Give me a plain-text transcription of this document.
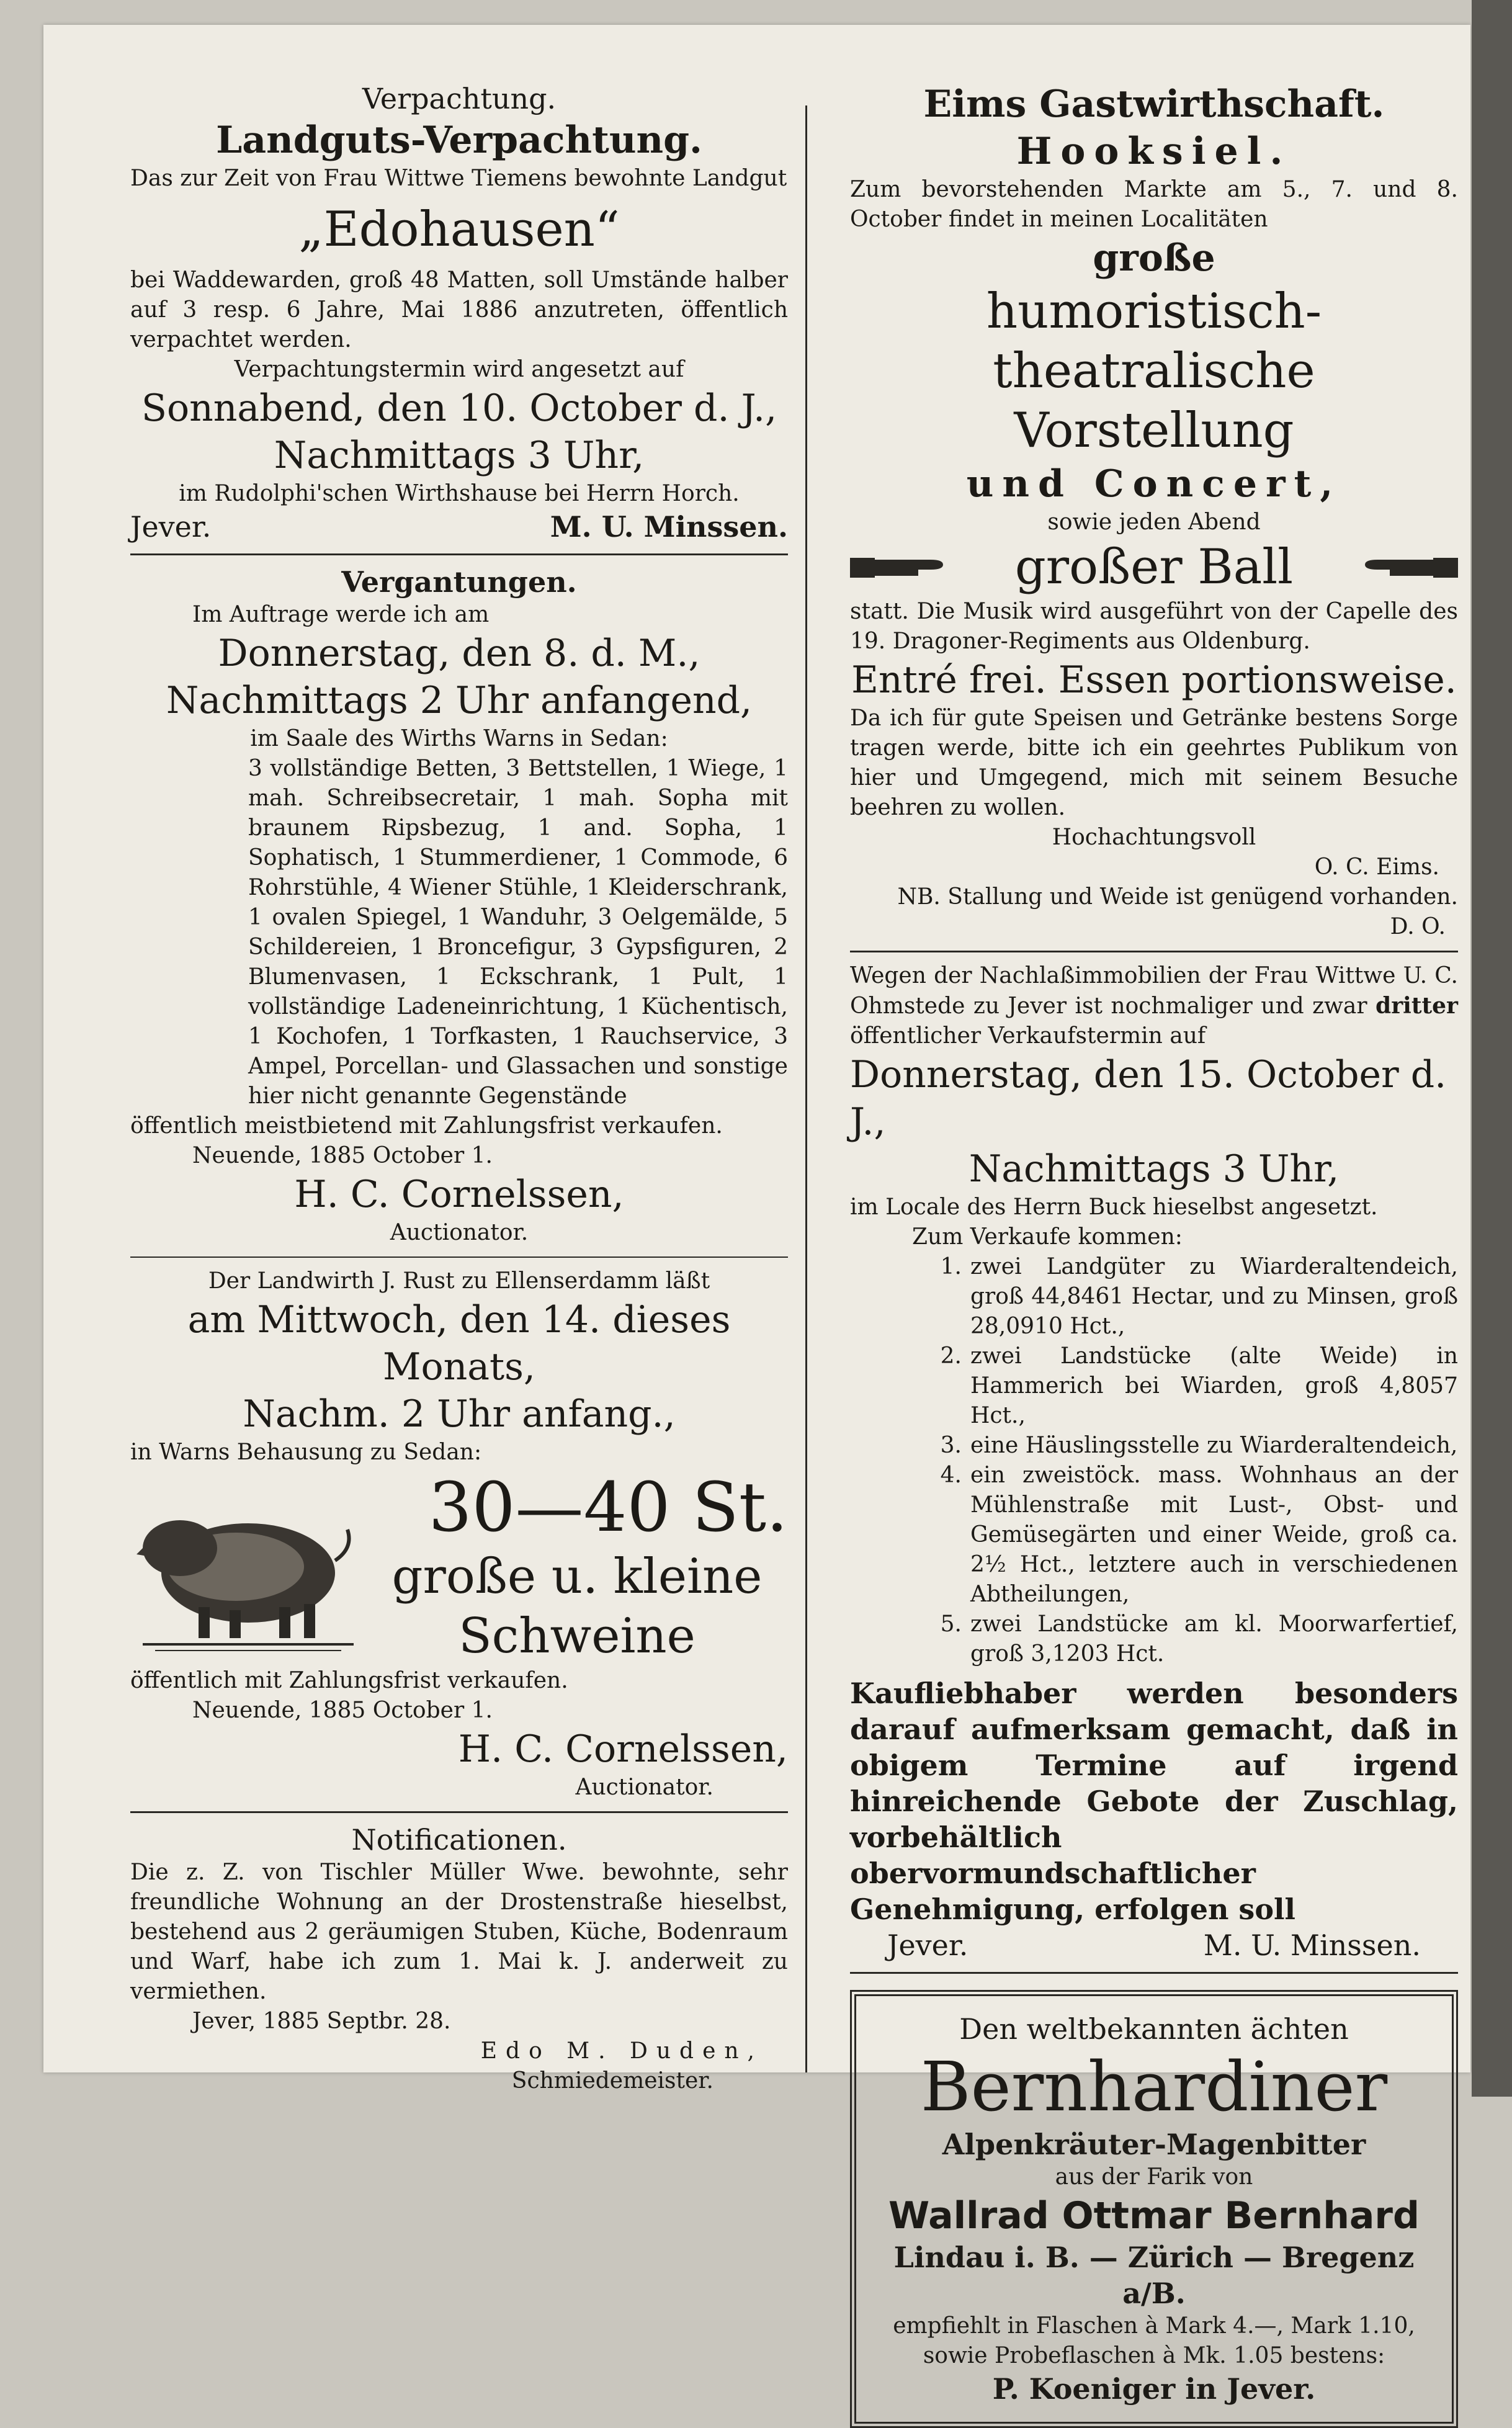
Verpachtung.

Landguts-Verpachtung.

Das zur Zeit von Frau Wittwe Tiemens bewohnte Landgut

„Edohausen“

bei Waddewarden, groß 48 Matten, soll Umstände halber auf 3 resp. 6 Jahre, Mai 1886 anzutreten, öffentlich verpachtet werden.

Verpachtungstermin wird angesetzt auf

Sonnabend, den 10. October d. J.,

Nachmittags 3 Uhr,

im Rudolphi'schen Wirthshause bei Herrn Horch.

Jever.	M. U. Minssen.

Vergantungen.

Im Auftrage werde ich am

Donnerstag, den 8. d. M.,

Nachmittags 2 Uhr anfangend,

im Saale des Wirths Warns in Sedan:

3 vollständige Betten, 3 Bettstellen, 1 Wiege, 1 mah. Schreibsecretair, 1 mah. Sopha mit braunem Ripsbezug, 1 and. Sopha, 1 Sophatisch, 1 Stummerdiener, 1 Commode, 6 Rohrstühle, 4 Wiener Stühle, 1 Kleiderschrank, 1 ovalen Spiegel, 1 Wanduhr, 3 Oelgemälde, 5 Schildereien, 1 Broncefigur, 3 Gypsfiguren, 2 Blumenvasen, 1 Eckschrank, 1 Pult, 1 vollständige Ladeneinrichtung, 1 Küchentisch, 1 Kochofen, 1 Torfkasten, 1 Rauchservice, 3 Ampel, Porcellan- und Glassachen und sonstige hier nicht genannte Gegenstände

öffentlich meistbietend mit Zahlungsfrist verkaufen.

Neuende, 1885 October 1.

H. C. Cornelssen,

Auctionator.

Der Landwirth J. Rust zu Ellenserdamm läßt

am Mittwoch, den 14. dieses Monats,

Nachm. 2 Uhr anfang.,

in Warns Behausung zu Sedan:

30—40 St.

große u. kleine

Schweine

öffentlich mit Zahlungsfrist verkaufen.

Neuende, 1885 October 1.

H. C. Cornelssen,

Auctionator.

Notificationen.

Die z. Z. von Tischler Müller Wwe. bewohnte, sehr freundliche Wohnung an der Drostenstraße hieselbst, bestehend aus 2 geräumigen Stuben, Küche, Bodenraum und Warf, habe ich zum 1. Mai k. J. anderweit zu vermiethen.

Jever, 1885 Septbr. 28.

Edo M. Duden,

Schmiedemeister.

Eims Gastwirthschaft.

Hooksiel.

Zum bevorstehenden Markte am 5., 7. und 8. October findet in meinen Localitäten

große

humoristisch-theatralische

Vorstellung

und Concert,

sowie jeden Abend

großer Ball

statt. Die Musik wird ausgeführt von der Capelle des 19. Dragoner-Regiments aus Oldenburg.

Entré frei. Essen portionsweise.

Da ich für gute Speisen und Getränke bestens Sorge tragen werde, bitte ich ein geehrtes Publikum von hier und Umgegend, mich mit seinem Besuche beehren zu wollen.

Hochachtungsvoll

O. C. Eims.

NB. Stallung und Weide ist genügend vorhanden.

D. O.

Wegen der Nachlaßimmobilien der Frau Wittwe U. C. Ohmstede zu Jever ist nochmaliger und zwar dritter öffentlicher Verkaufstermin auf

Donnerstag, den 15. October d. J.,

Nachmittags 3 Uhr,

im Locale des Herrn Buck hieselbst angesetzt.

Zum Verkaufe kommen:

1. zwei Landgüter zu Wiarderaltendeich, groß 44,8461 Hectar, und zu Minsen, groß 28,0910 Hct.,
2. zwei Landstücke (alte Weide) in Hammerich bei Wiarden, groß 4,8057 Hct.,
3. eine Häuslingsstelle zu Wiarderaltendeich,
4. ein zweistöck. mass. Wohnhaus an der Mühlenstraße mit Lust-, Obst- und Gemüsegärten und einer Weide, groß ca. 2½ Hct., letztere auch in verschiedenen Abtheilungen,
5. zwei Landstücke am kl. Moorwarfertief, groß 3,1203 Hct.

Kaufliebhaber werden besonders darauf aufmerksam gemacht, daß in obigem Termine auf irgend hinreichende Gebote der Zuschlag, vorbehältlich obervormundschaftlicher Genehmigung, erfolgen soll

Jever.	M. U. Minssen.

Den weltbekannten ächten

Bernhardiner

Alpenkräuter-Magenbitter

aus der Farik von

Wallrad Ottmar Bernhard

Lindau i. B. — Zürich — Bregenz a/B.

empfiehlt in Flaschen à Mark 4.—, Mark 1.10, sowie Probeflaschen à Mk. 1.05 bestens:

P. Koeniger in Jever.
